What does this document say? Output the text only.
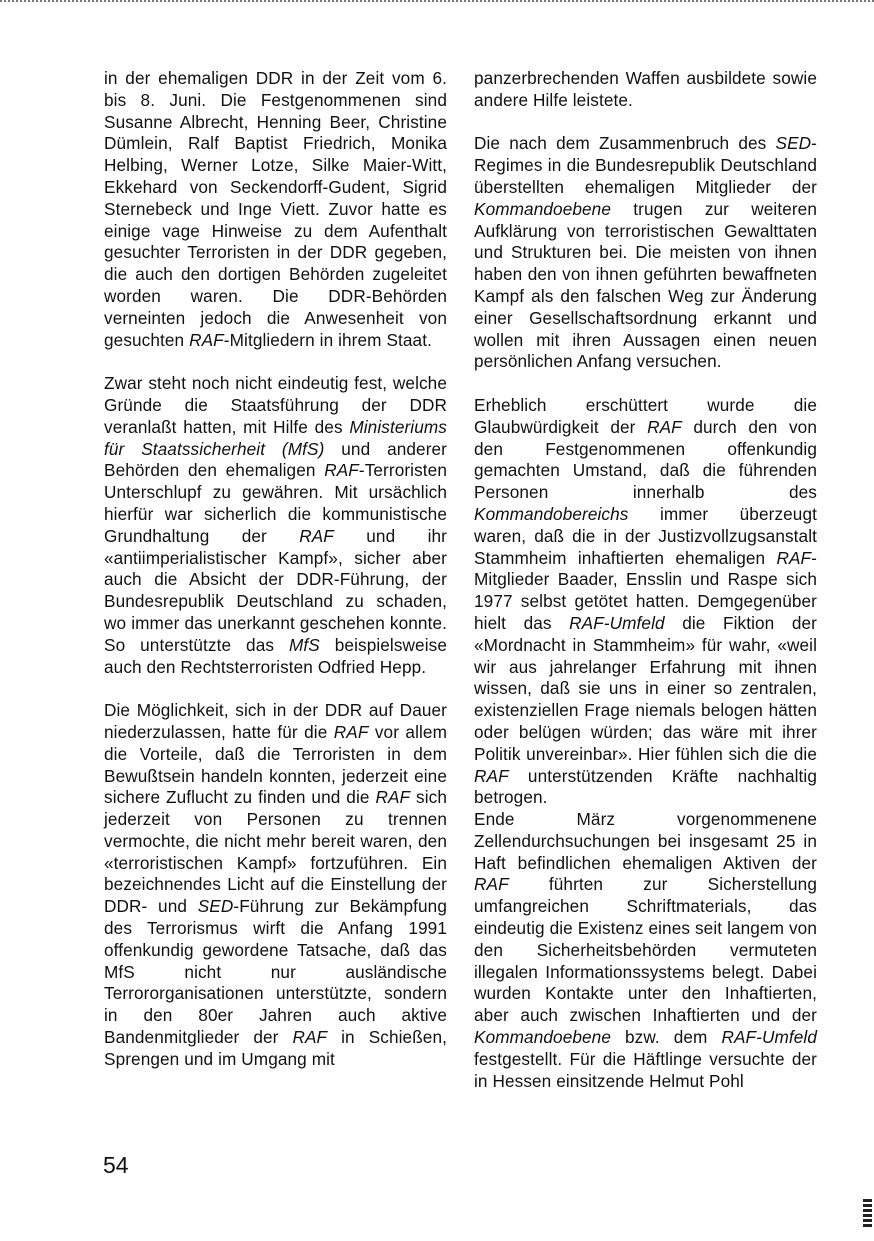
in der ehemaligen DDR in der Zeit vom 6. bis 8. Juni. Die Festgenommenen sind Susanne Albrecht, Henning Beer, Christine Dümlein, Ralf Baptist Friedrich, Monika Helbing, Werner Lotze, Silke Maier-Witt, Ekkehard von Seckendorff-Gudent, Sigrid Sternebeck und Inge Viett. Zuvor hatte es einige vage Hinweise zu dem Aufenthalt gesuchter Terroristen in der DDR gegeben, die auch den dortigen Behörden zugeleitet worden waren. Die DDR-Behörden verneinten jedoch die Anwesenheit von gesuchten RAF-Mitgliedern in ihrem Staat.

Zwar steht noch nicht eindeutig fest, welche Gründe die Staatsführung der DDR veranlaßt hatten, mit Hilfe des Ministeriums für Staatssicherheit (MfS) und anderer Behörden den ehemaligen RAF-Terroristen Unterschlupf zu gewähren. Mit ursächlich hierfür war sicherlich die kommunistische Grundhaltung der RAF und ihr «antiimperialistischer Kampf», sicher aber auch die Absicht der DDR-Führung, der Bundesrepublik Deutschland zu schaden, wo immer das unerkannt geschehen konnte. So unterstützte das MfS beispielsweise auch den Rechtsterroristen Odfried Hepp.

Die Möglichkeit, sich in der DDR auf Dauer niederzulassen, hatte für die RAF vor allem die Vorteile, daß die Terroristen in dem Bewußtsein handeln konnten, jederzeit eine sichere Zuflucht zu finden und die RAF sich jederzeit von Personen zu trennen vermochte, die nicht mehr bereit waren, den «terroristischen Kampf» fortzuführen. Ein bezeichnendes Licht auf die Einstellung der DDR- und SED-Führung zur Bekämpfung des Terrorismus wirft die Anfang 1991 offenkundig gewordene Tatsache, daß das MfS nicht nur ausländische Terrororganisationen unterstützte, sondern in den 80er Jahren auch aktive Bandenmitglieder der RAF in Schießen, Sprengen und im Umgang mit

panzerbrechenden Waffen ausbildete sowie andere Hilfe leistete.

Die nach dem Zusammenbruch des SED-Regimes in die Bundesrepublik Deutschland überstellten ehemaligen Mitglieder der Kommandoebene trugen zur weiteren Aufklärung von terroristischen Gewalttaten und Strukturen bei. Die meisten von ihnen haben den von ihnen geführten bewaffneten Kampf als den falschen Weg zur Änderung einer Gesellschaftsordnung erkannt und wollen mit ihren Aussagen einen neuen persönlichen Anfang versuchen.

Erheblich erschüttert wurde die Glaubwürdigkeit der RAF durch den von den Festgenommenen offenkundig gemachten Umstand, daß die führenden Personen innerhalb des Kommandobereichs immer überzeugt waren, daß die in der Justizvollzugsanstalt Stammheim inhaftierten ehemaligen RAF-Mitglieder Baader, Ensslin und Raspe sich 1977 selbst getötet hatten. Demgegenüber hielt das RAF-Umfeld die Fiktion der «Mordnacht in Stammheim» für wahr, «weil wir aus jahrelanger Erfahrung mit ihnen wissen, daß sie uns in einer so zentralen, existenziellen Frage niemals belogen hätten oder belügen würden; das wäre mit ihrer Politik unvereinbar». Hier fühlen sich die die RAF unterstützenden Kräfte nachhaltig betrogen.

Ende März vorgenommenene Zellendurchsuchungen bei insgesamt 25 in Haft befindlichen ehemaligen Aktiven der RAF führten zur Sicherstellung umfangreichen Schriftmaterials, das eindeutig die Existenz eines seit langem von den Sicherheitsbehörden vermuteten illegalen Informationssystems belegt. Dabei wurden Kontakte unter den Inhaftierten, aber auch zwischen Inhaftierten und der Kommandoebene bzw. dem RAF-Umfeld festgestellt. Für die Häftlinge versuchte der in Hessen einsitzende Helmut Pohl

54
